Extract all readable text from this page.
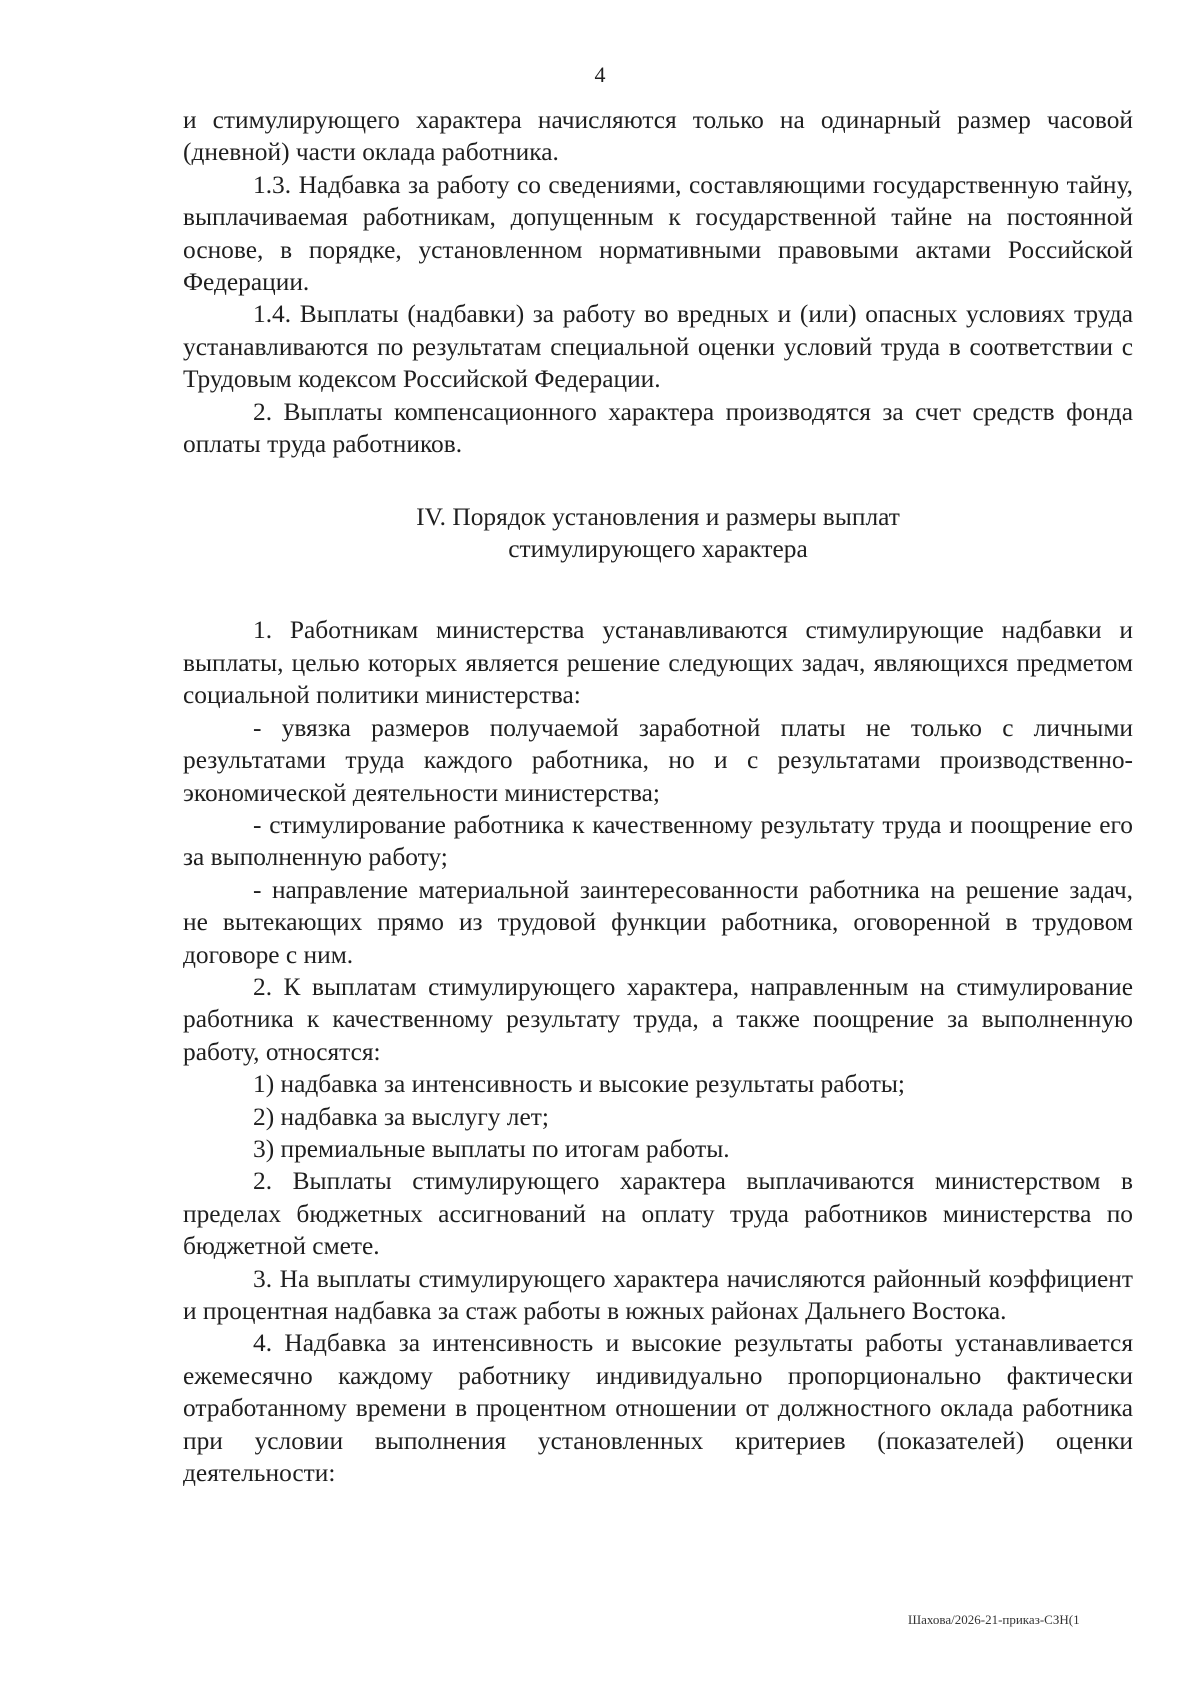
4

и стимулирующего характера начисляются только на одинарный размер часовой (дневной) части оклада работника.

1.3. Надбавка за работу со сведениями, составляющими государственную тайну, выплачиваемая работникам, допущенным к государственной тайне на постоянной основе, в порядке, установленном нормативными правовыми актами Российской Федерации.

1.4. Выплаты (надбавки) за работу во вредных и (или) опасных условиях труда устанавливаются по результатам специальной оценки условий труда в соответствии с Трудовым кодексом Российской Федерации.

2. Выплаты компенсационного характера производятся за счет средств фонда оплаты труда работников.

IV. Порядок установления и размеры выплат
стимулирующего характера

1. Работникам министерства устанавливаются стимулирующие надбавки и выплаты, целью которых является решение следующих задач, являющихся предметом социальной политики министерства:

- увязка размеров получаемой заработной платы не только с личными результатами труда каждого работника, но и с результатами производственно-экономической деятельности министерства;

- стимулирование работника к качественному результату труда и поощрение его за выполненную работу;

- направление материальной заинтересованности работника на решение задач, не вытекающих прямо из трудовой функции работника, оговоренной в трудовом договоре с ним.

2. К выплатам стимулирующего характера, направленным на стимулирование работника к качественному результату труда, а также поощрение за выполненную работу, относятся:

1) надбавка за интенсивность и высокие результаты работы;

2) надбавка за выслугу лет;

3) премиальные выплаты по итогам работы.

2. Выплаты стимулирующего характера выплачиваются министерством в пределах бюджетных ассигнований на оплату труда работников министерства по бюджетной смете.

3. На выплаты стимулирующего характера начисляются районный коэффициент и процентная надбавка за стаж работы в южных районах Дальнего Востока.

4. Надбавка за интенсивность и высокие результаты работы устанавливается ежемесячно каждому работнику индивидуально пропорционально фактически отработанному времени в процентном отношении от должностного оклада работника при условии выполнения установленных критериев (показателей) оценки деятельности:

Шахова/2026-21-приказ-СЗН(1
